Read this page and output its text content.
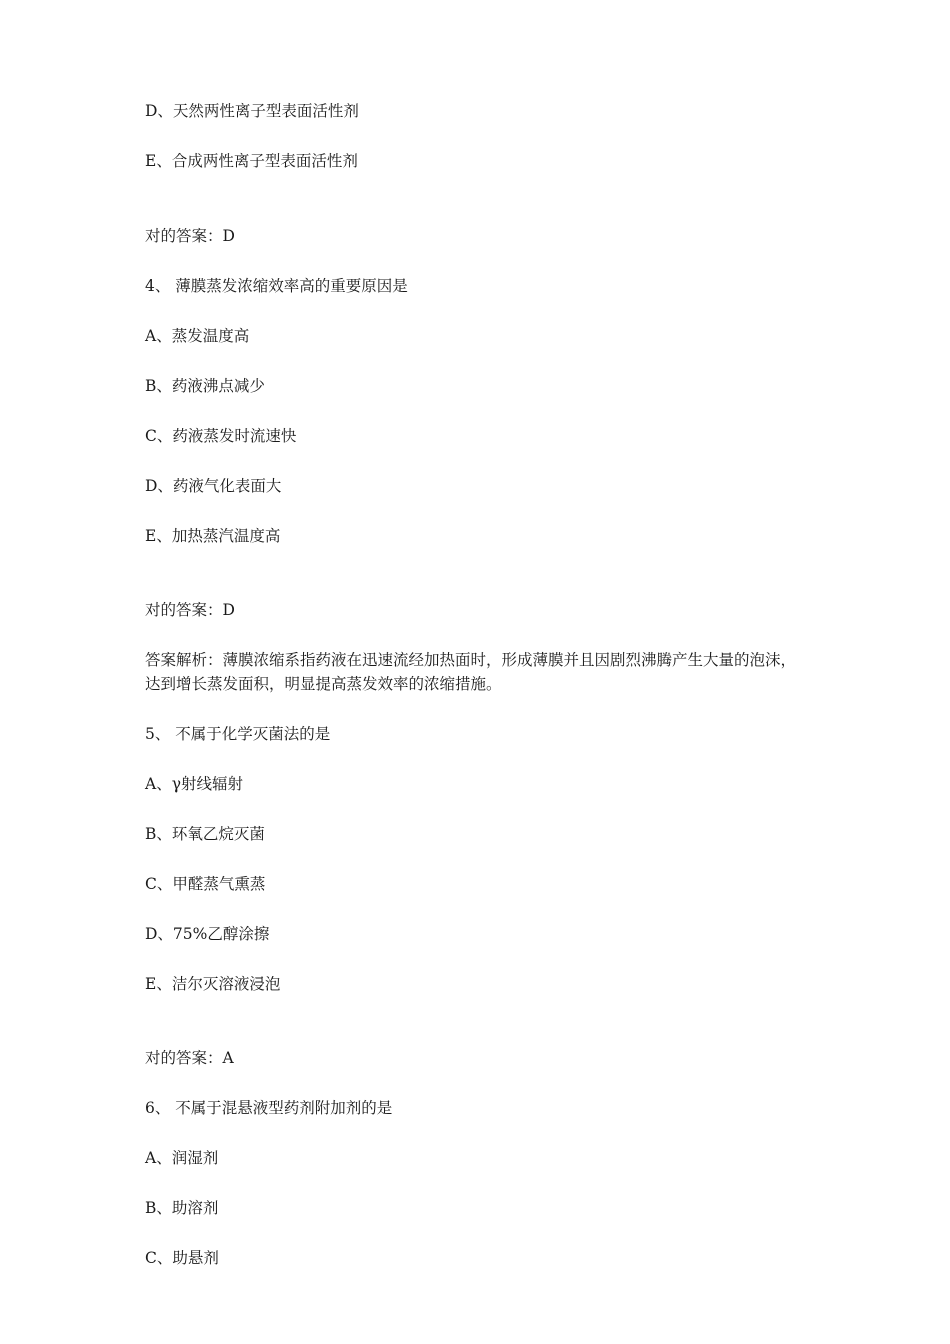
D、天然两性离子型表面活性剂
E、合成两性离子型表面活性剂
对的答案：D
4、 薄膜蒸发浓缩效率高的重要原因是
A、蒸发温度高
B、药液沸点减少
C、药液蒸发时流速快
D、药液气化表面大
E、加热蒸汽温度高
对的答案：D
答案解析：薄膜浓缩系指药液在迅速流经加热面时，形成薄膜并且因剧烈沸腾产生大量的泡沫，达到增长蒸发面积，明显提高蒸发效率的浓缩措施。
5、 不属于化学灭菌法的是
A、γ射线辐射
B、环氧乙烷灭菌
C、甲醛蒸气熏蒸
D、75%乙醇涂擦
E、洁尔灭溶液浸泡
对的答案：A
6、 不属于混悬液型药剂附加剂的是
A、润湿剂
B、助溶剂
C、助悬剂
